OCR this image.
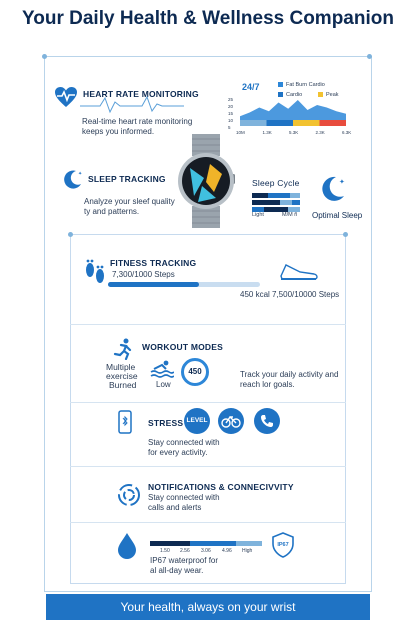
Your Daily Health & Wellness Companion
HEART RATE MONITORING
Real-time heart rate monitoring
keeps you informed.
24/7	Fat Burn Cardio
Cardio	Peak
25
20
15
10
5
10M	1.3K	5.3K	2.3K	6.3K
✦ SLEEP TRACKING
Analyze your sleef quality
ty and patterns.
Sleep Cycle
Light	M/M ñ
✦
Optimal Sleep
FITNESS TRACKING
7,300/1000 Steps
450 kcal 7,500/10000 Steps
WORKOUT MODES
Multiple
exercise
Burned Low
450	Track your daily activity and
reach lor goals.
STRESS LEVEL
Stay connected with
for every activity.
NOTIFICATIONS & CONNECIVVITY
Stay connected with
calls and alerts
1.50 2.56 3.06 4.96 High
IP67 waterproof for
al all-day wear.
IP67
Your health, always on your wrist
